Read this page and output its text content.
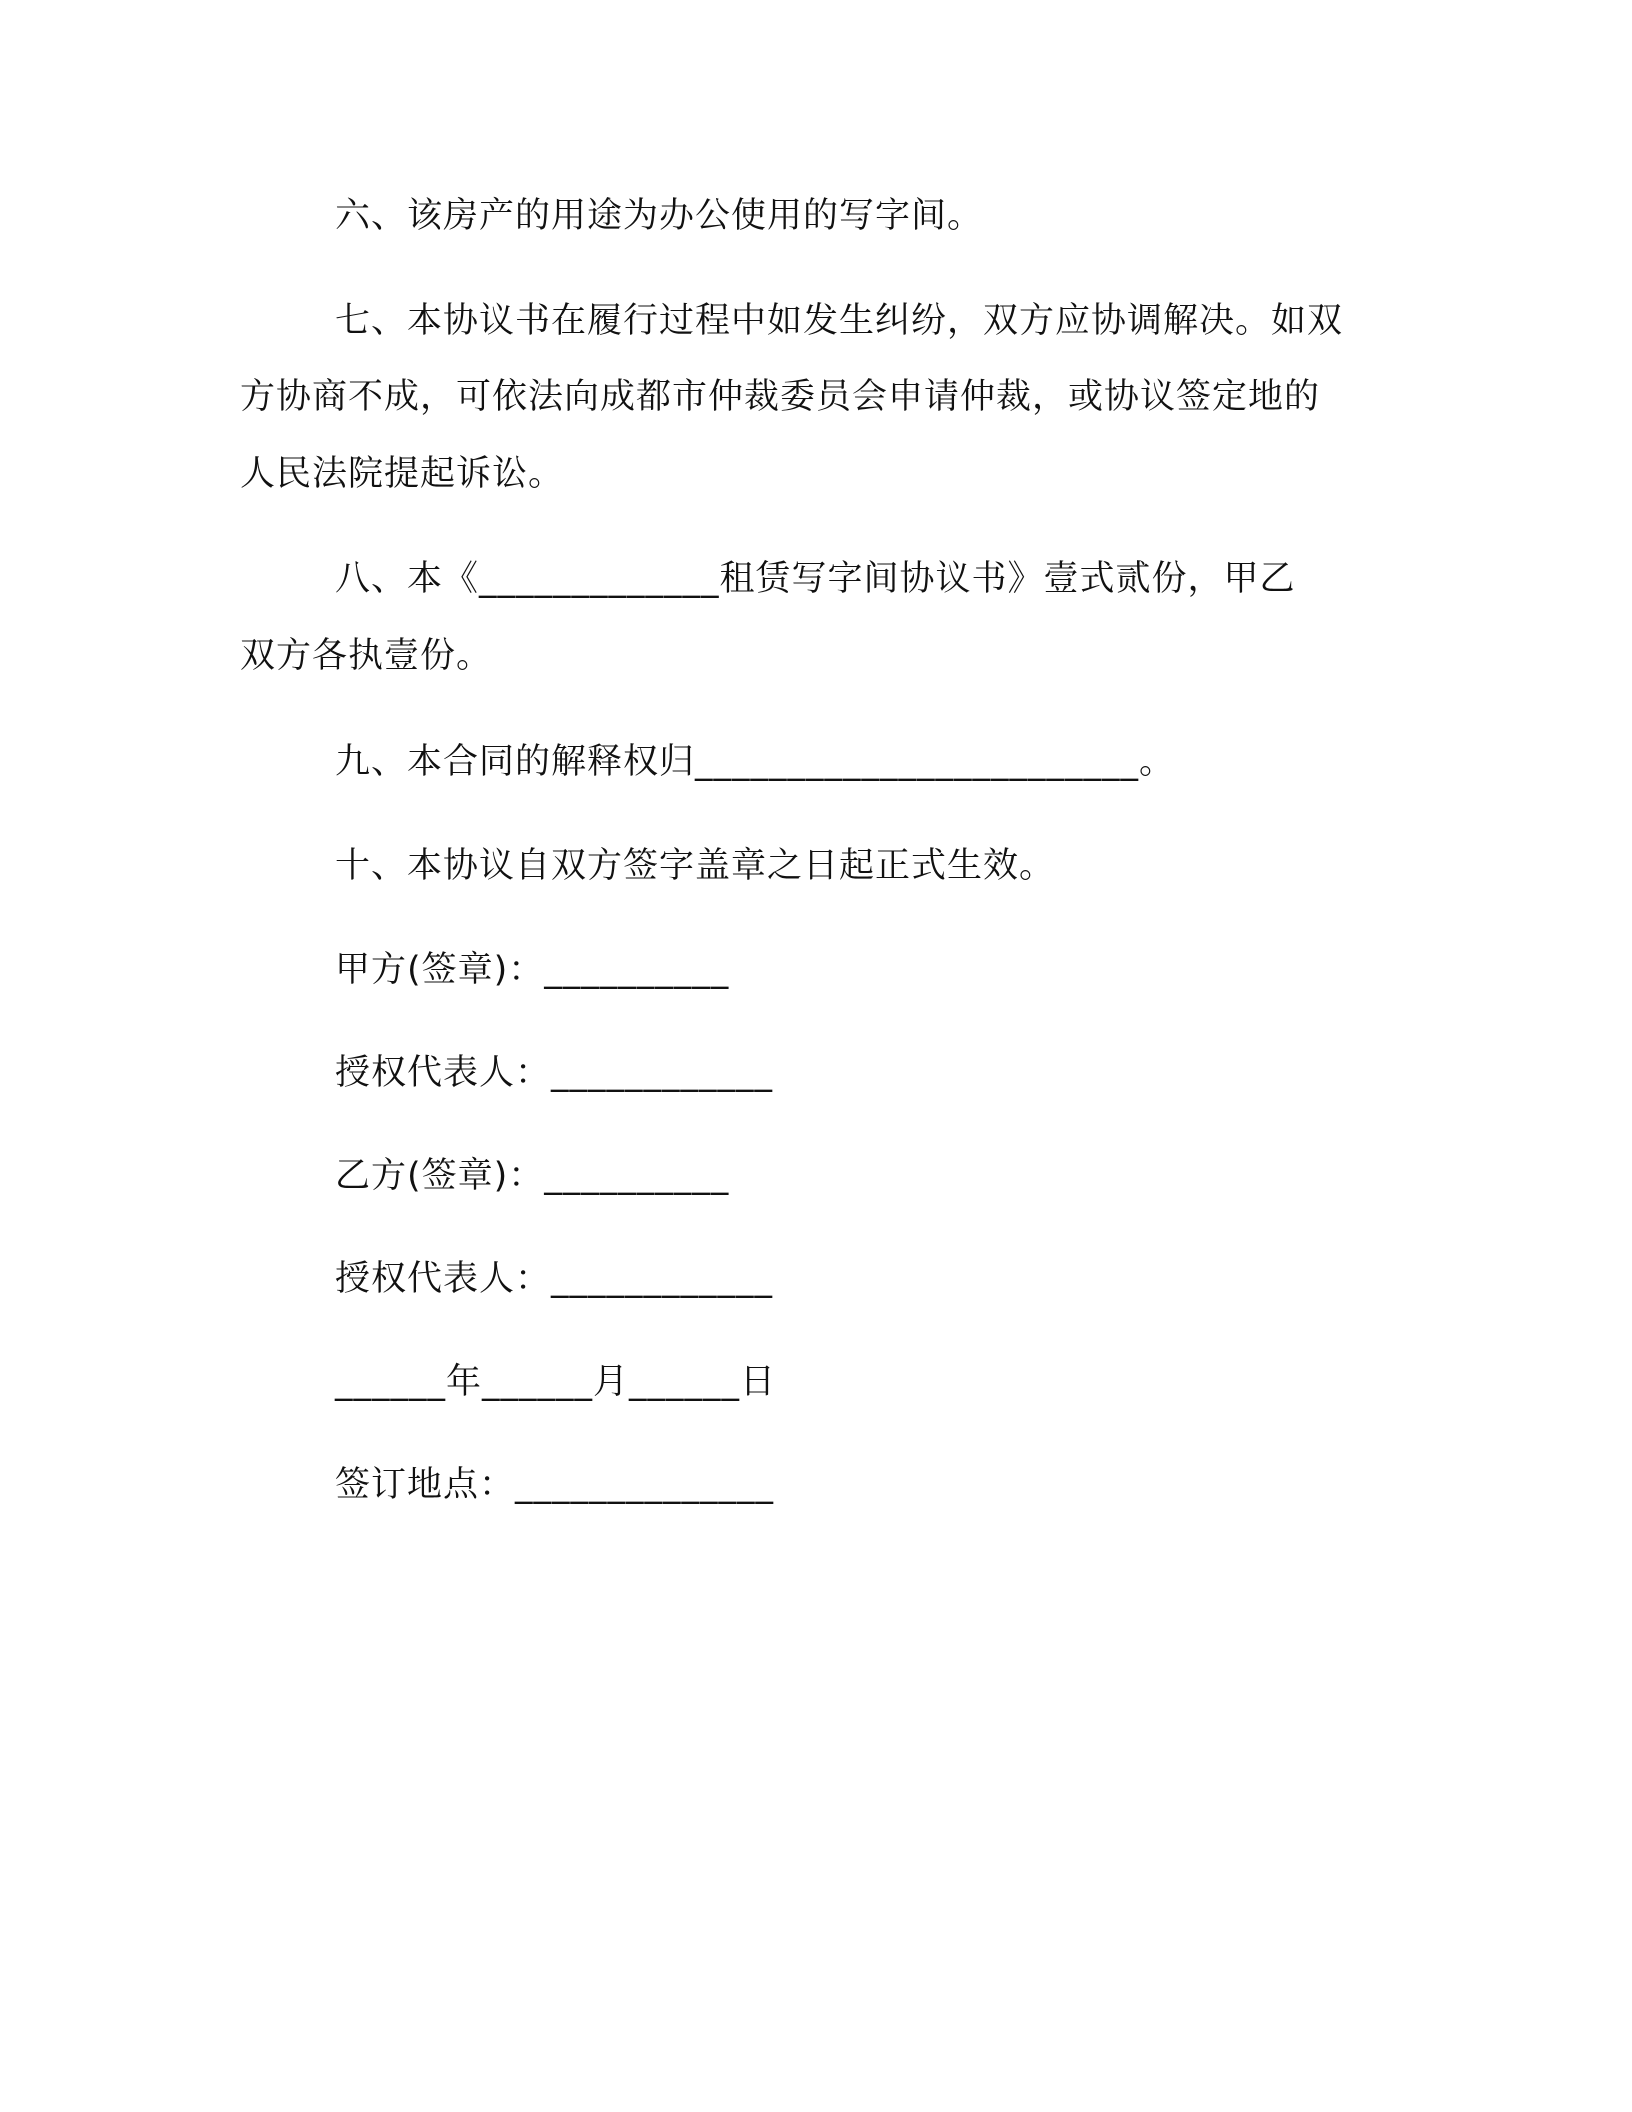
六、该房产的用途为办公使用的写字间。
七、本协议书在履行过程中如发生纠纷，双方应协调解决。如双
方协商不成，可依法向成都市仲裁委员会申请仲裁，或协议签定地的
人民法院提起诉讼。
八、本《_____________租赁写字间协议书》壹式贰份，甲乙
双方各执壹份。
九、本合同的解释权归________________________。
十、本协议自双方签字盖章之日起正式生效。
甲方(签章)：__________
授权代表人：____________
乙方(签章)：__________
授权代表人：____________
______年______月______日
签订地点：______________
